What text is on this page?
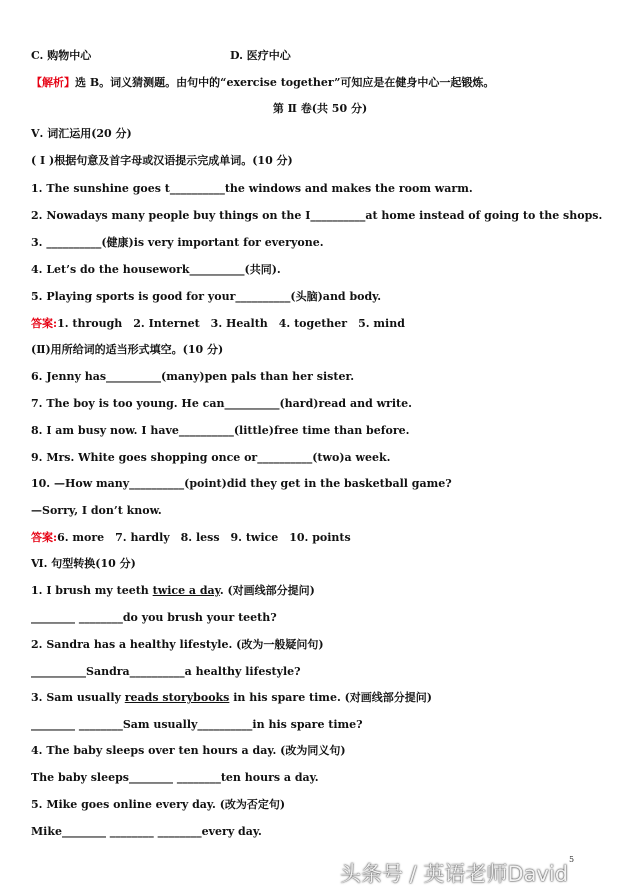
C. 购物中心	D. 医疗中心
【解析】选 B。词义猜测题。由句中的“exercise together”可知应是在健身中心一起锻炼。
第 Ⅱ 卷(共 50 分)
Ⅴ. 词汇运用(20 分)
( Ⅰ )根据句意及首字母或汉语提示完成单词。(10 分)
1. The sunshine goes t__________the windows and makes the room warm.
2. Nowadays many people buy things on the I__________at home instead of going to the shops.
3. __________(健康)is very important for everyone.
4. Let’s do the housework__________(共同).
5. Playing sports is good for your__________(头脑)and body.
答案:1. through　2. Internet　3. Health　4. together　5. mind
(Ⅱ)用所给词的适当形式填空。(10 分)
6. Jenny has__________(many)pen pals than her sister.
7. The boy is too young. He can__________(hard)read and write.
8. I am busy now. I have__________(little)free time than before.
9. Mrs. White goes shopping once or__________(two)a week.
10. —How many__________(point)did they get in the basketball game?
—Sorry, I don’t know.
答案:6. more　7. hardly　8. less　9. twice　10. points
Ⅵ. 句型转换(10 分)
1. I brush my teeth twice a day. (对画线部分提问)
________ ________do you brush your teeth?
2. Sandra has a healthy lifestyle. (改为一般疑问句)
__________Sandra__________a healthy lifestyle?
3. Sam usually reads storybooks in his spare time. (对画线部分提问)
________ ________Sam usually__________in his spare time?
4. The baby sleeps over ten hours a day. (改为同义句)
The baby sleeps________ ________ten hours a day.
5. Mike goes online every day. (改为否定句)
Mike________ ________ ________every day.
5
头条号 / 英语老师David
